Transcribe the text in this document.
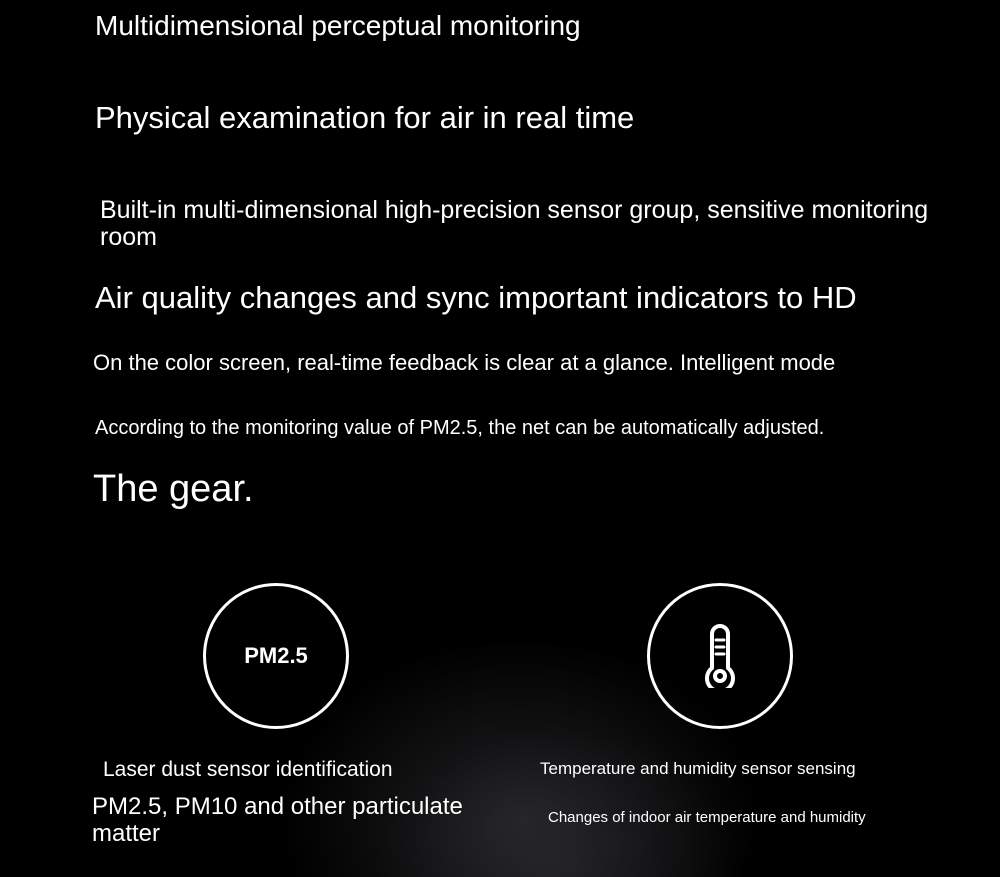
Multidimensional perceptual monitoring
Physical examination for air in real time

Built-in multi-dimensional high-precision sensor group, sensitive monitoring room

Air quality changes and sync important indicators to HD

On the color screen, real-time feedback is clear at a glance. Intelligent mode

According to the monitoring value of PM2.5, the net can be automatically adjusted.

The gear.
PM2.5

Laser dust sensor identification

PM2.5, PM10 and other particulate matter

Temperature and humidity sensor sensing

Changes of indoor air temperature and humidity
